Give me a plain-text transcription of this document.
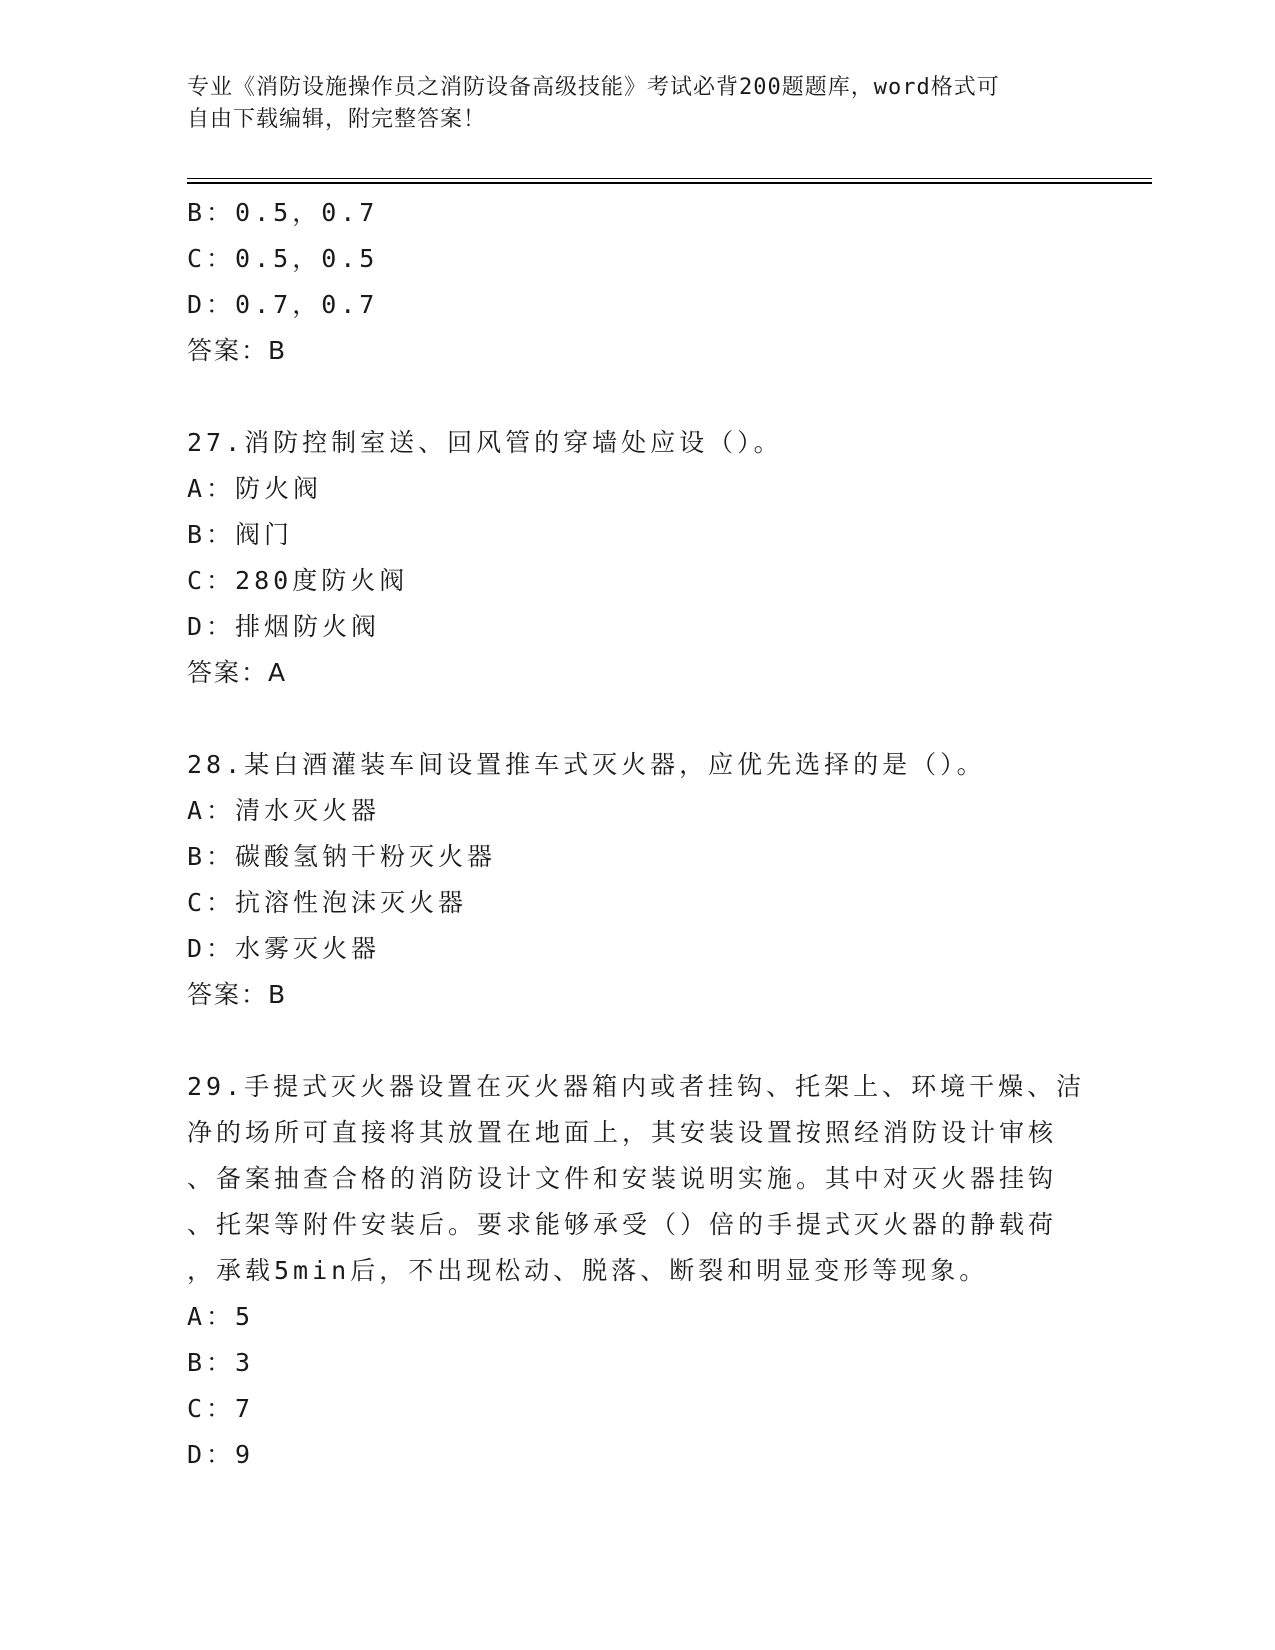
专业《消防设施操作员之消防设备高级技能》考试必背200题题库，word格式可
自由下载编辑，附完整答案！
B：0.5，0.7
C：0.5，0.5
D：0.7，0.7
答案：B
27.消防控制室送、回风管的穿墙处应设（）。
A：防火阀
B：阀门
C：280度防火阀
D：排烟防火阀
答案：A
28.某白酒灌装车间设置推车式灭火器，应优先选择的是（）。
A：清水灭火器
B：碳酸氢钠干粉灭火器
C：抗溶性泡沫灭火器
D：水雾灭火器
答案：B
29.手提式灭火器设置在灭火器箱内或者挂钩、托架上、环境干燥、洁
净的场所可直接将其放置在地面上，其安装设置按照经消防设计审核
、备案抽查合格的消防设计文件和安装说明实施。其中对灭火器挂钩
、托架等附件安装后。要求能够承受（）倍的手提式灭火器的静载荷
，承载5min后，不出现松动、脱落、断裂和明显变形等现象。
A：5
B：3
C：7
D：9
